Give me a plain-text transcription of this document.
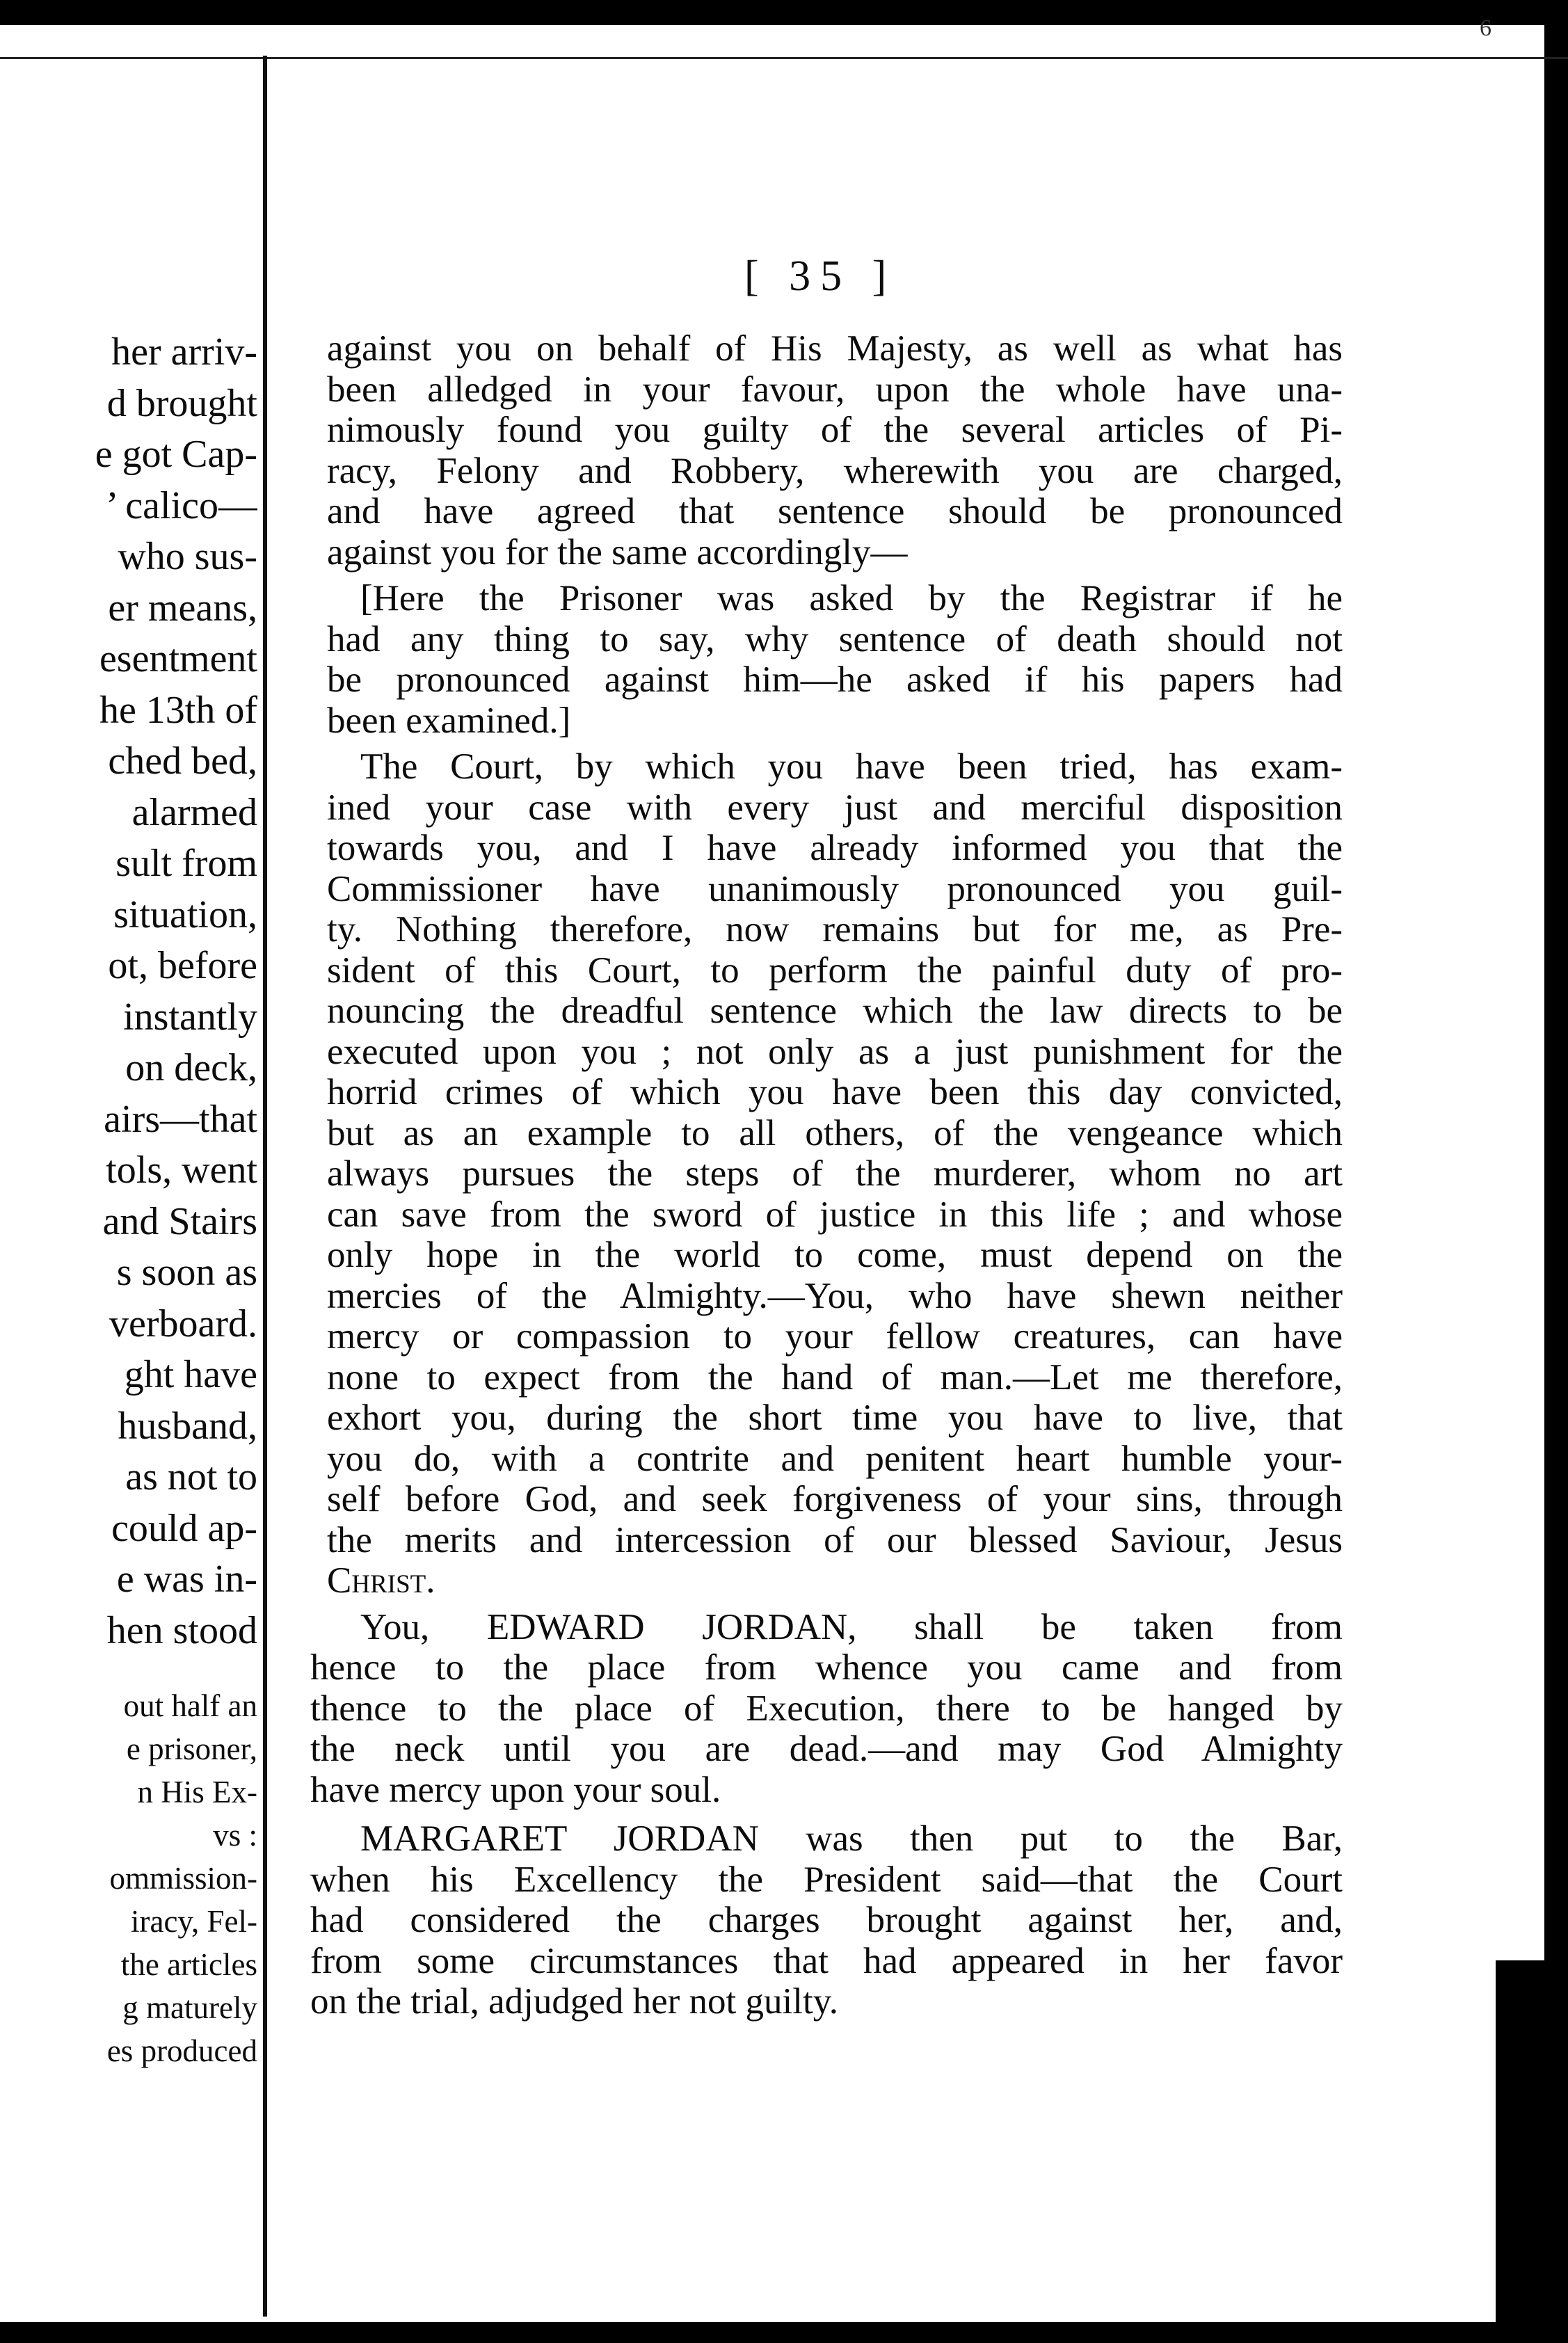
6
[ 35 ]
her arriv-
d brought
e got Cap-
’ calico—
who sus-
er means,
esentment
he 13th of
ched bed,
alarmed
sult from
situation,
ot, before
instantly
on deck,
airs—that
tols, went
and Stairs
s soon as
verboard.
ght have
husband,
as not to
could ap-
e was in-
hen stood
out half an
e prisoner,
n His Ex-
vs :
ommission-
iracy, Fel-
the articles
g maturely
es produced
against you on behalf of His Majesty, as well as what has
been alledged in your favour, upon the whole have una-
nimously found you guilty of the several articles of Pi-
racy, Felony and Robbery, wherewith you are charged,
and have agreed that sentence should be pronounced
against you for the same accordingly—
[Here the Prisoner was asked by the Registrar if he
had any thing to say, why sentence of death should not
be pronounced against him—he asked if his papers had
been examined.]
The Court, by which you have been tried, has exam-
ined your case with every just and merciful disposition
towards you, and I have already informed you that the
Commissioner have unanimously pronounced you guil-
ty. Nothing therefore, now remains but for me, as Pre-
sident of this Court, to perform the painful duty of pro-
nouncing the dreadful sentence which the law directs to be
executed upon you ; not only as a just punishment for the
horrid crimes of which you have been this day convicted,
but as an example to all others, of the vengeance which
always pursues the steps of the murderer, whom no art
can save from the sword of justice in this life ; and whose
only hope in the world to come, must depend on the
mercies of the Almighty.—You, who have shewn neither
mercy or compassion to your fellow creatures, can have
none to expect from the hand of man.—Let me therefore,
exhort you, during the short time you have to live, that
you do, with a contrite and penitent heart humble your-
self before God, and seek forgiveness of your sins, through
the merits and intercession of our blessed Saviour, Jesus
Christ.
You, EDWARD JORDAN, shall be taken from
hence to the place from whence you came and from
thence to the place of Execution, there to be hanged by
the neck until you are dead.—and may God Almighty
have mercy upon your soul.
MARGARET JORDAN was then put to the Bar,
when his Excellency the President said—that the Court
had considered the charges brought against her, and,
from some circumstances that had appeared in her favor
on the trial, adjudged her not guilty.
